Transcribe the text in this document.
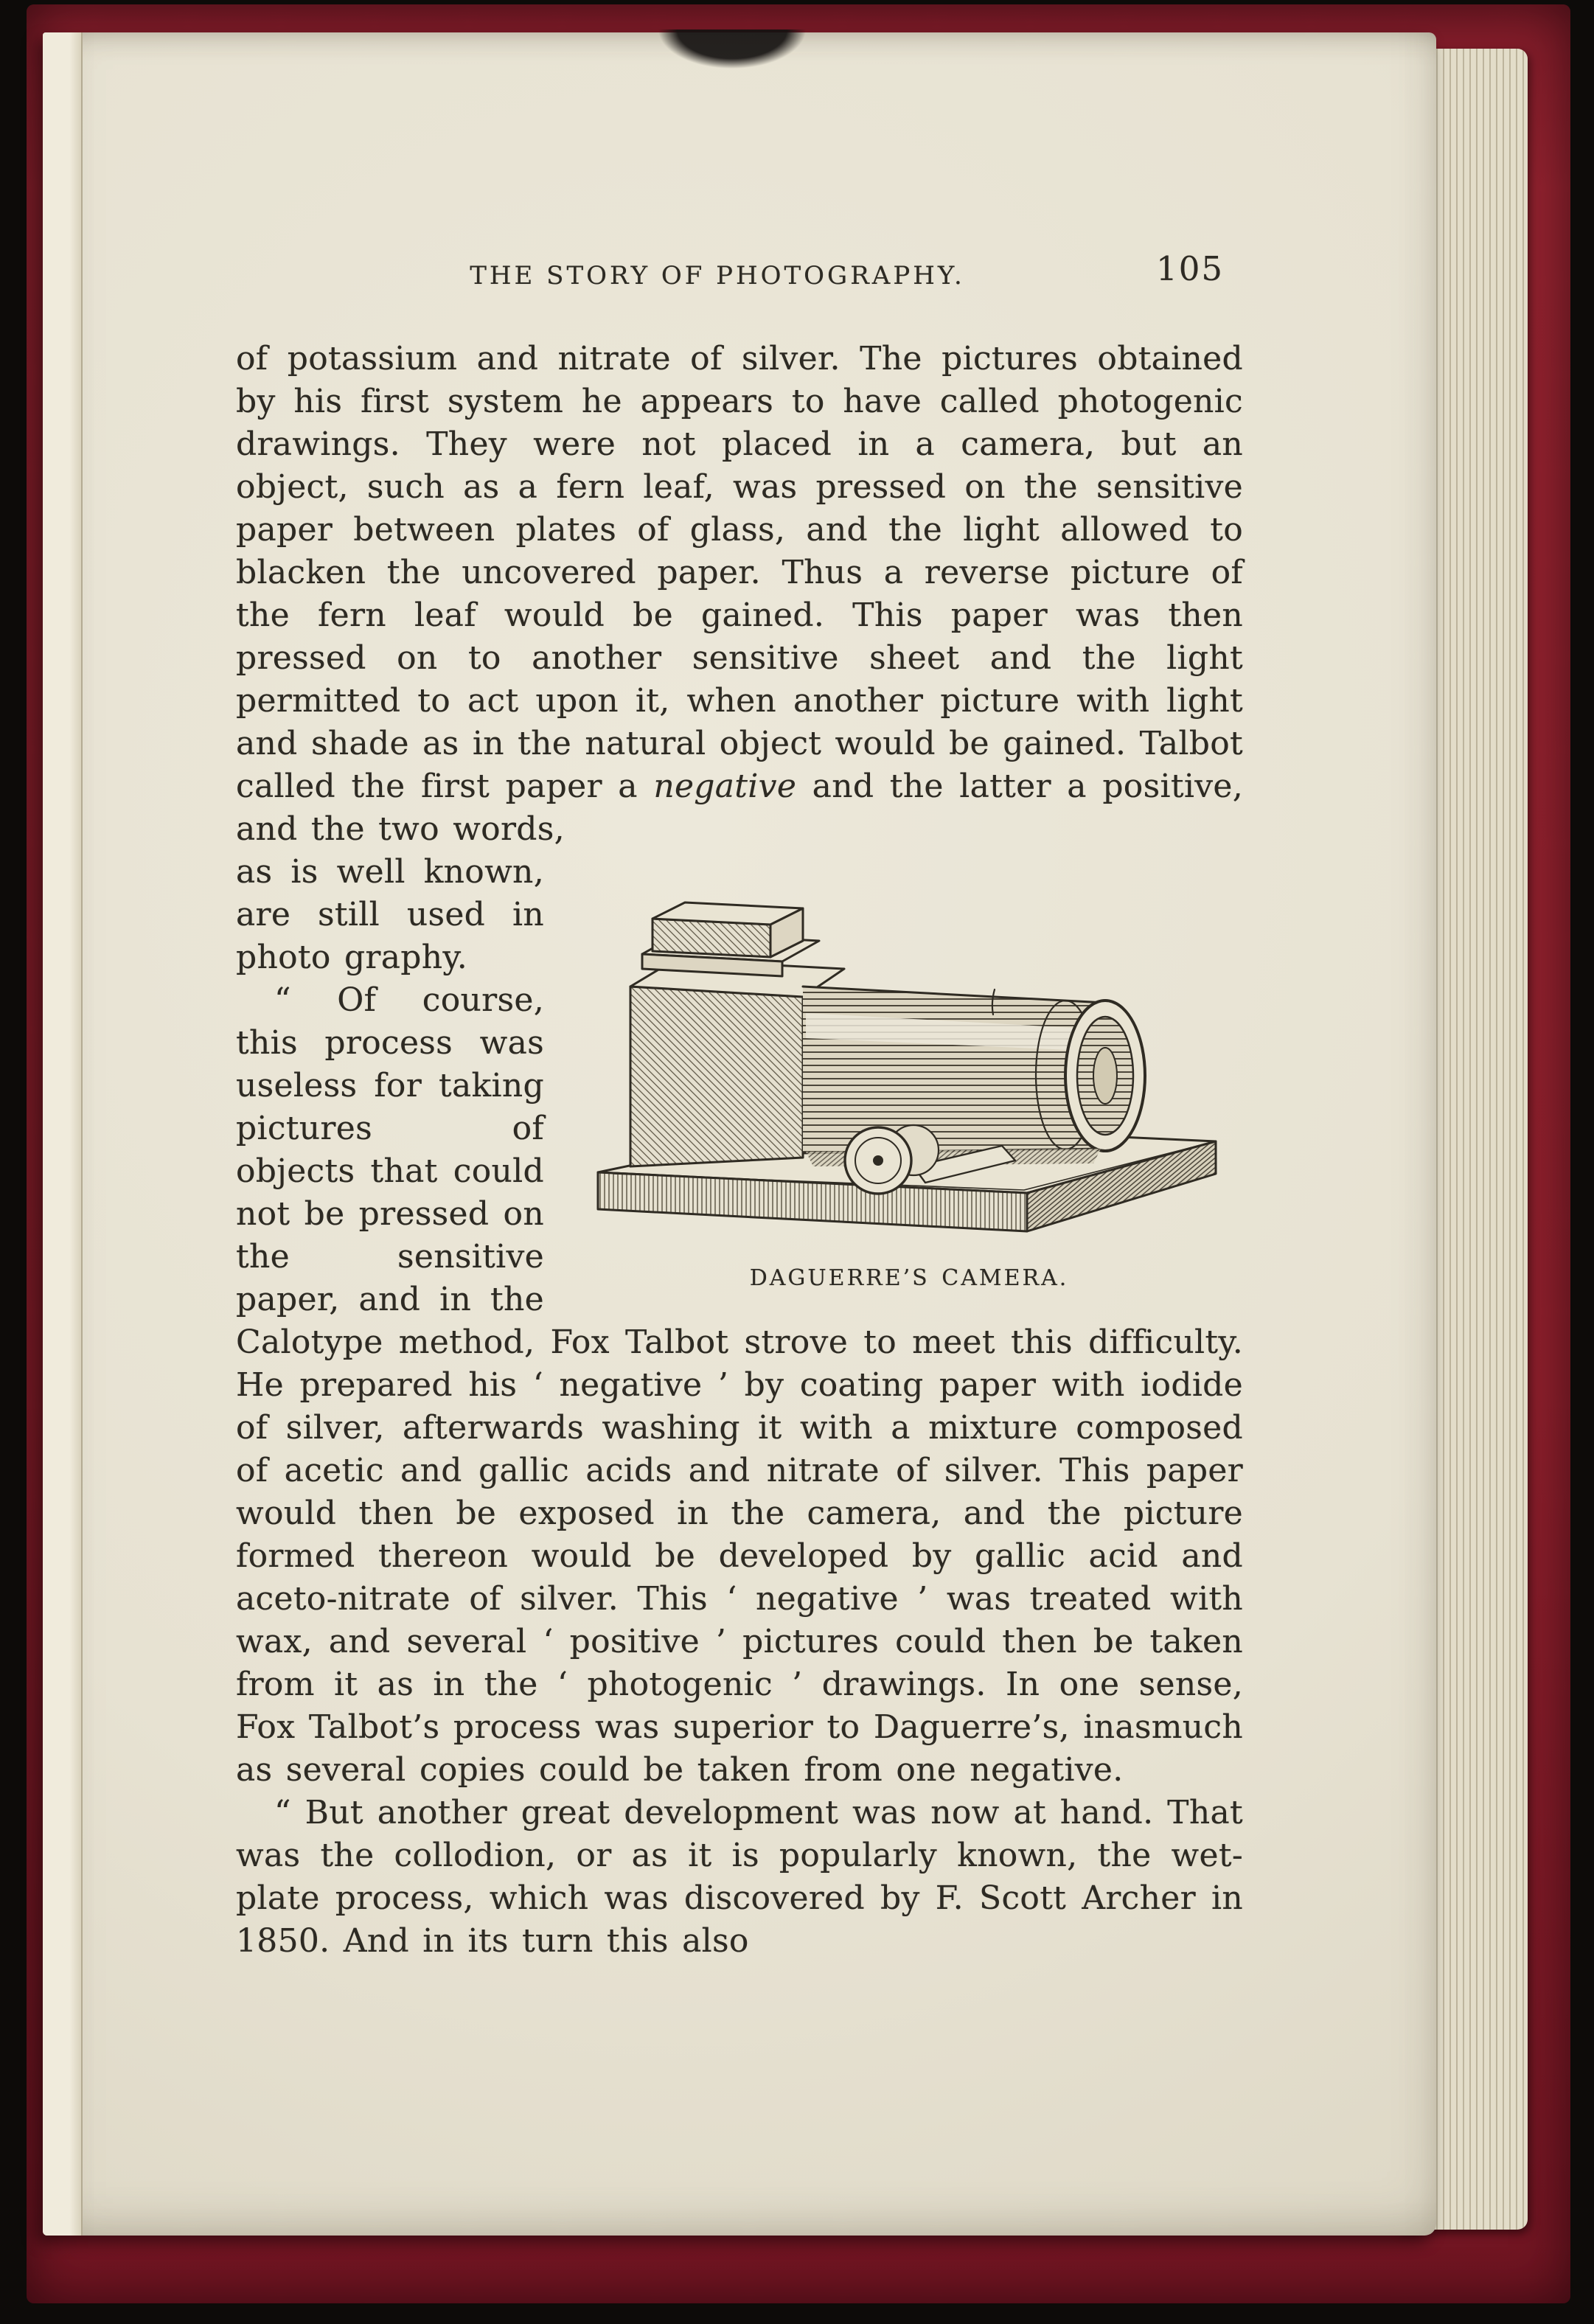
THE STORY OF PHOTOGRAPHY.	105

of potassium and nitrate of silver. The pictures obtained by his first system he appears to have called photogenic drawings. They were not placed in a camera, but an object, such as a fern leaf, was pressed on the sensitive paper between plates of glass, and the light allowed to blacken the uncovered paper. Thus a reverse picture of the fern leaf would be gained. This paper was then pressed on to another sensitive sheet and the light permitted to act upon it, when another picture with light and shade as in the natural object would be gained. Talbot called the first paper a negative and the latter a positive, and the two words,

DAGUERRE’S CAMERA.
as is well known, are still used in photo graphy.

“ Of course, this process was useless for taking pictures of objects that could not be pressed on the sensitive paper, and in the Calotype method, Fox Talbot strove to meet this difficulty. He prepared his ‘ negative ’ by coating paper with iodide of silver, afterwards washing it with a mixture composed of acetic and gallic acids and nitrate of silver. This paper would then be exposed in the camera, and the picture formed thereon would be developed by gallic acid and aceto-nitrate of silver. This ‘ negative ’ was treated with wax, and several ‘ positive ’ pictures could then be taken from it as in the ‘ photogenic ’ drawings. In one sense, Fox Talbot’s process was superior to Daguerre’s, inasmuch as several copies could be taken from one negative.

“ But another great development was now at hand. That was the collodion, or as it is popularly known, the wet-plate process, which was discovered by F. Scott Archer in 1850. And in its turn this also
